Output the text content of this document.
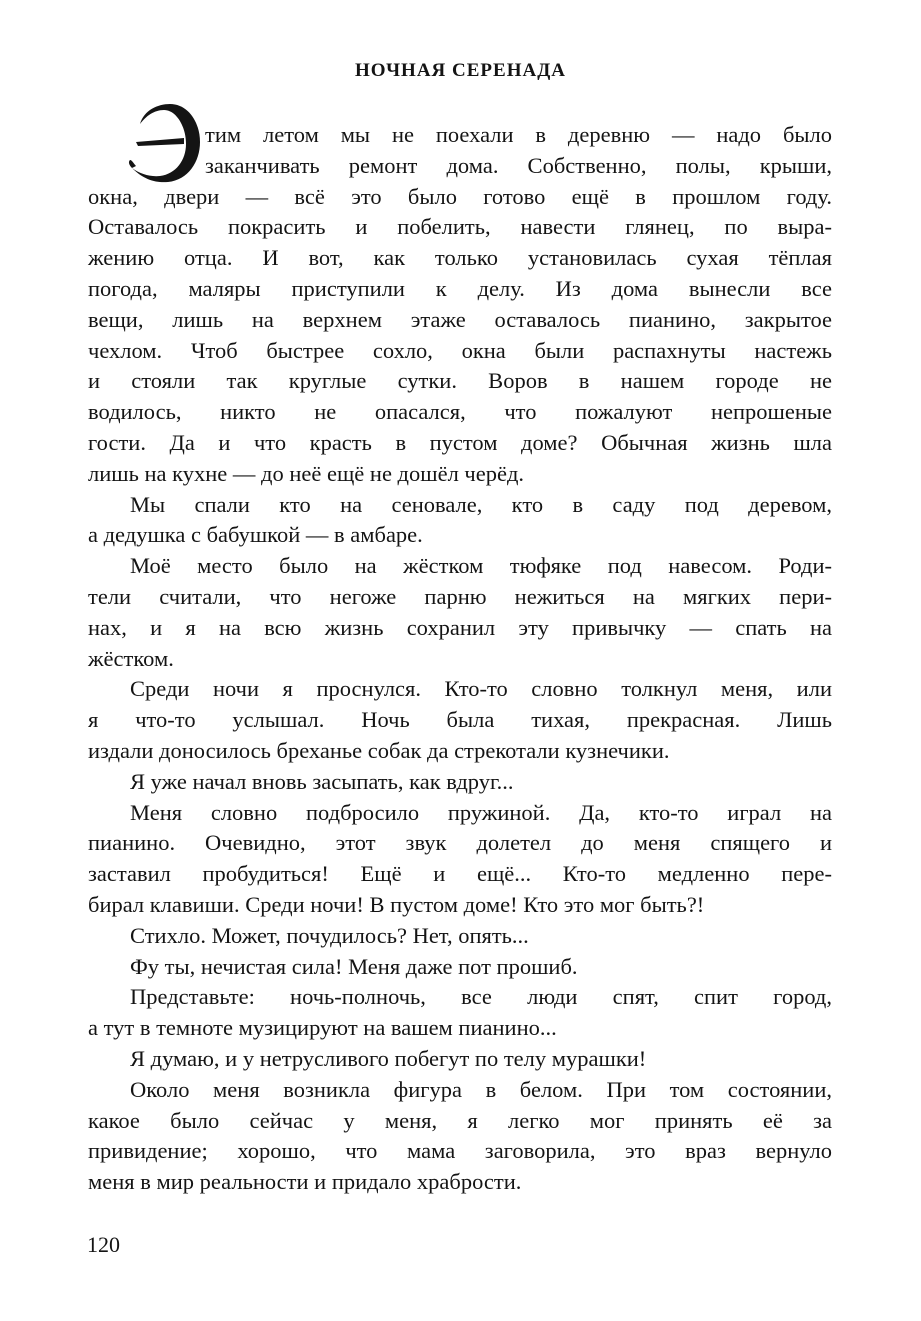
НОЧНАЯ СЕРЕНАДА
тим летом мы не поехали в деревню — надо было
заканчивать ремонт дома. Собственно, полы, крыши,
окна, двери — всё это было готово ещё в прошлом году.
Оставалось покрасить и побелить, навести глянец, по выра-
жению отца. И вот, как только установилась сухая тёплая
погода, маляры приступили к делу. Из дома вынесли все
вещи, лишь на верхнем этаже оставалось пианино, закрытое
чехлом. Чтоб быстрее сохло, окна были распахнуты настежь
и стояли так круглые сутки. Воров в нашем городе не
водилось, никто не опасался, что пожалуют непрошеные
гости. Да и что красть в пустом доме? Обычная жизнь шла
лишь на кухне — до неё ещё не дошёл черёд.
Мы спали кто на сеновале, кто в саду под деревом,
а дедушка с бабушкой — в амбаре.
Моё место было на жёстком тюфяке под навесом. Роди-
тели считали, что негоже парню нежиться на мягких пери-
нах, и я на всю жизнь сохранил эту привычку — спать на
жёстком.
Среди ночи я проснулся. Кто-то словно толкнул меня, или
я что-то услышал. Ночь была тихая, прекрасная. Лишь
издали доносилось бреханье собак да стрекотали кузнечики.
Я уже начал вновь засыпать, как вдруг...
Меня словно подбросило пружиной. Да, кто-то играл на
пианино. Очевидно, этот звук долетел до меня спящего и
заставил пробудиться! Ещё и ещё... Кто-то медленно пере-
бирал клавиши. Среди ночи! В пустом доме! Кто это мог быть?!
Стихло. Может, почудилось? Нет, опять...
Фу ты, нечистая сила! Меня даже пот прошиб.
Представьте: ночь-полночь, все люди спят, спит город,
а тут в темноте музицируют на вашем пианино...
Я думаю, и у нетрусливого побегут по телу мурашки!
Около меня возникла фигура в белом. При том состоянии,
какое было сейчас у меня, я легко мог принять её за
привидение; хорошо, что мама заговорила, это враз вернуло
меня в мир реальности и придало храбрости.
120
